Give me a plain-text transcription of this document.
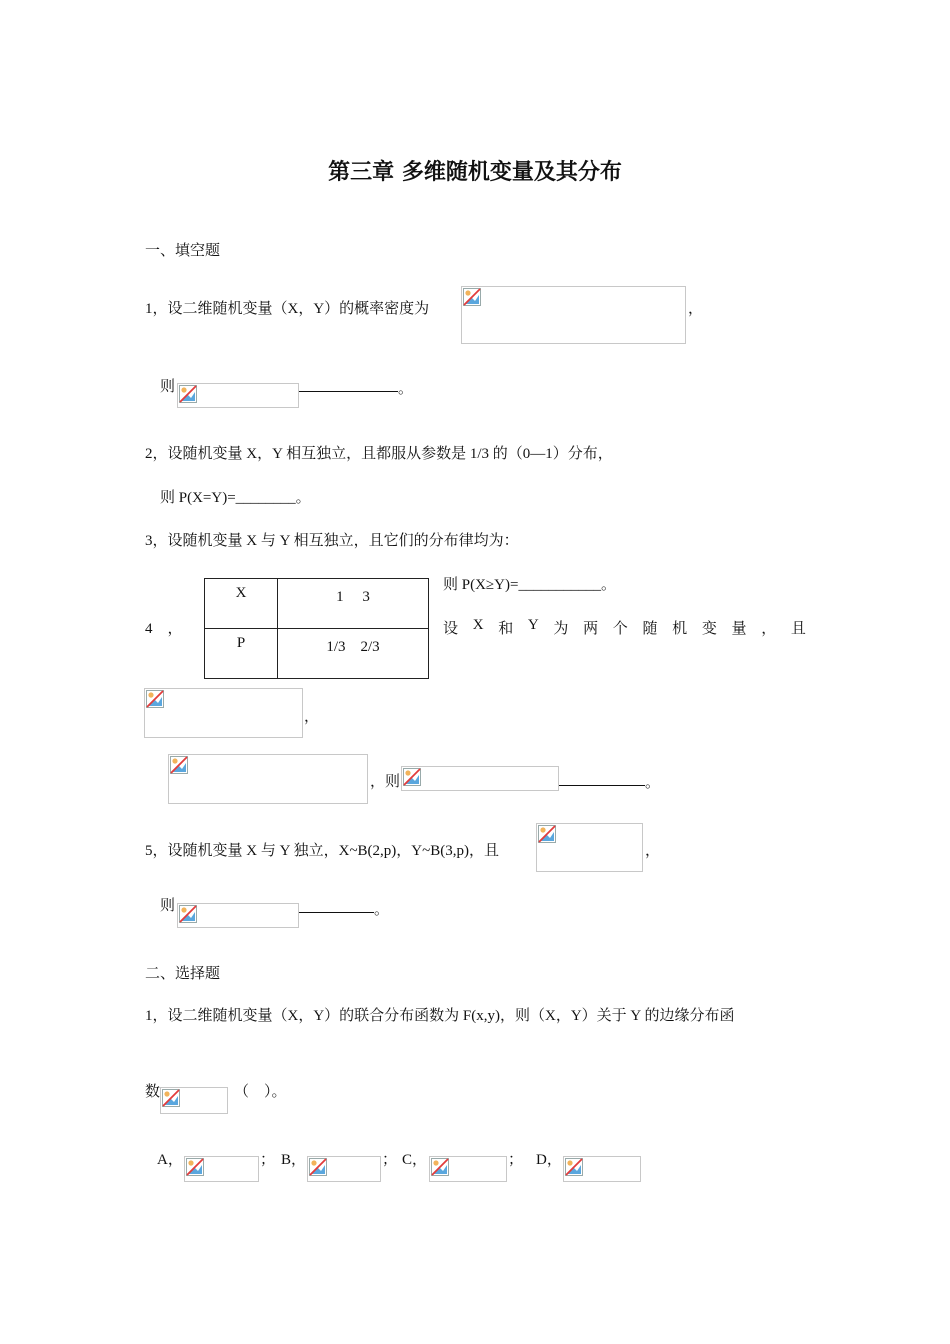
第三章 多维随机变量及其分布
一、填空题
1，设二维随机变量（X，Y）的概率密度为	，
则	。
2，设随机变量 X，Y 相互独立，且都服从参数是 1/3 的（0—1）分布，
则 P(X=Y)=________。
3，设随机变量 X 与 Y 相互独立，且它们的分布律均为：
X	1　 3
P	1/3　2/3
则 P(X≥Y)=___________。
4　，	设 X 和 Y 为 两 个 随 机 变 量 ， 且
，
，则	。
5，设随机变量 X 与 Y 独立，X~B(2,p)，Y~B(3,p)，且	，
则	。
二、选择题
1，设二维随机变量（X，Y）的联合分布函数为 F(x,y)，则（X，Y）关于 Y 的边缘分布函
数	（　）。
A，	； B，	； C，	； D，
